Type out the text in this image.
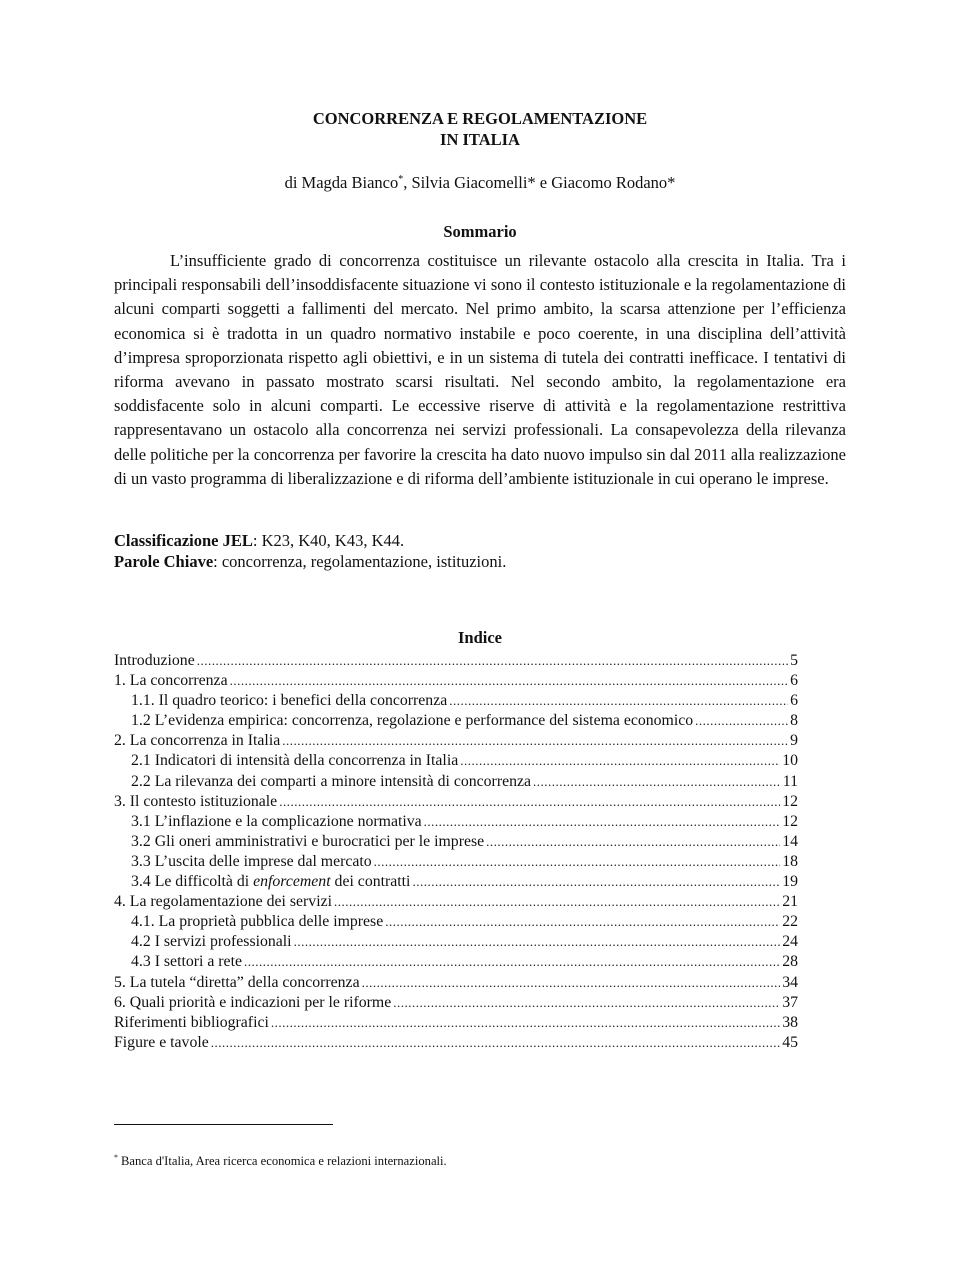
CONCORRENZA E REGOLAMENTAZIONE
IN ITALIA
di Magda Bianco*, Silvia Giacomelli* e Giacomo Rodano*
Sommario

L’insufficiente grado di concorrenza costituisce un rilevante ostacolo alla crescita in Italia. Tra i principali responsabili dell’insoddisfacente situazione vi sono il contesto istituzionale e la regolamentazione di alcuni comparti soggetti a fallimenti del mercato. Nel primo ambito, la scarsa attenzione per l’efficienza economica si è tradotta in un quadro normativo instabile e poco coerente, in una disciplina dell’attività d’impresa sproporzionata rispetto agli obiettivi, e in un sistema di tutela dei contratti inefficace. I tentativi di riforma avevano in passato mostrato scarsi risultati. Nel secondo ambito, la regolamentazione era soddisfacente solo in alcuni comparti. Le eccessive riserve di attività e la regolamentazione restrittiva rappresentavano un ostacolo alla concorrenza nei servizi professionali. La consapevolezza della rilevanza delle politiche per la concorrenza per favorire la crescita ha dato nuovo impulso sin dal 2011 alla realizzazione di un vasto programma di liberalizzazione e di riforma dell’ambiente istituzionale in cui operano le imprese.

Classificazione JEL: K23, K40, K43, K44.
Parole Chiave: concorrenza, regolamentazione, istituzioni.
Indice
Introduzione .....	5
1. La concorrenza .....	6
1.1. Il quadro teorico: i benefici della concorrenza .....	6
1.2 L’evidenza empirica: concorrenza, regolazione e performance del sistema economico .....	8
2. La concorrenza in Italia .....	9
2.1 Indicatori di intensità della concorrenza in Italia .....	10
2.2 La rilevanza dei comparti a minore intensità di concorrenza .....	11
3. Il contesto istituzionale .....	12
3.1 L’inflazione e la complicazione normativa .....	12
3.2 Gli oneri amministrativi e burocratici per le imprese .....	14
3.3 L’uscita delle imprese dal mercato .....	18
3.4 Le difficoltà di enforcement dei contratti .....	19
4. La regolamentazione dei servizi .....	21
4.1. La proprietà pubblica delle imprese .....	22
4.2 I servizi professionali .....	24
4.3 I settori a rete .....	28
5. La tutela “diretta” della concorrenza .....	34
6. Quali priorità e indicazioni per le riforme .....	37
Riferimenti bibliografici .....	38
Figure e tavole .....	45
* Banca d'Italia, Area ricerca economica e relazioni internazionali.
